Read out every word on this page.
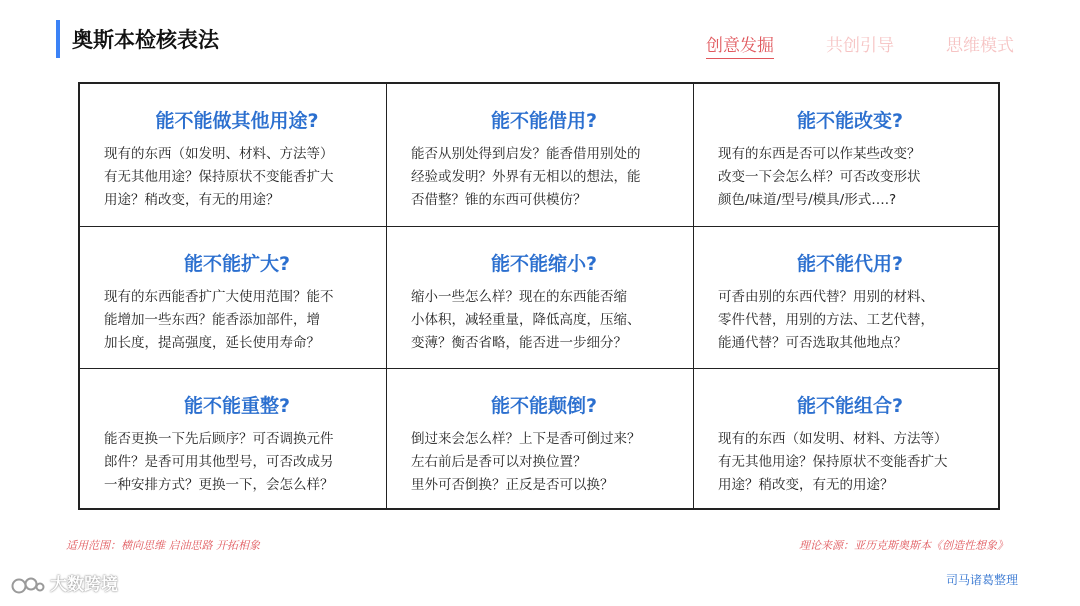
奥斯本检核表法	创意发掘	共创引导	思维模式
能不能做其他用途?
现有的东西（如发明、材料、方法等）
有无其他用途？保持原状不变能香扩大
用途？稍改变，有无的用途？
能不能借用?
能否从别处得到启发？能香借用别处的
经验或发明？外界有无相以的想法，能
否借整？锥的东西可供模仿？
能不能改变?
现有的东西是否可以作某些改变？
改变一下会怎么样？可否改变形状
颜色/味道/型号/模具/形式….?
能不能扩大?
现有的东西能香扩广大使用范围？能不
能增加一些东西？能香添加部件，增
加长度，提高强度，延长使用寿命？
能不能缩小?
缩小一些怎么样？现在的东西能否缩
小体积，减轻重量，降低高度，压缩、
变薄？衡否省略，能否进一步细分？
能不能代用?
可香由别的东西代替？用别的材料、
零件代替，用别的方法、工艺代替，
能通代替？可否选取其他地点？
能不能重整?
能否更换一下先后顾序？可否调换元件
郎件？是香可用其他型号，可否改成另
一种安排方式？更换一下，会怎么样？
能不能颠倒?
倒过来会怎么样？上下是香可倒过来？
左右前后是香可以对换位置？
里外可否倒换？正反是否可以换？
能不能组合?
现有的东西（如发明、材料、方法等）
有无其他用途？保持原状不变能香扩大
用途？稍改变，有无的用途？
适用范围：横向思维 启油思路 开拓相象	理论来源：亚历克斯奥斯本《创造性想象》
司马诸葛整理
大数跨境
